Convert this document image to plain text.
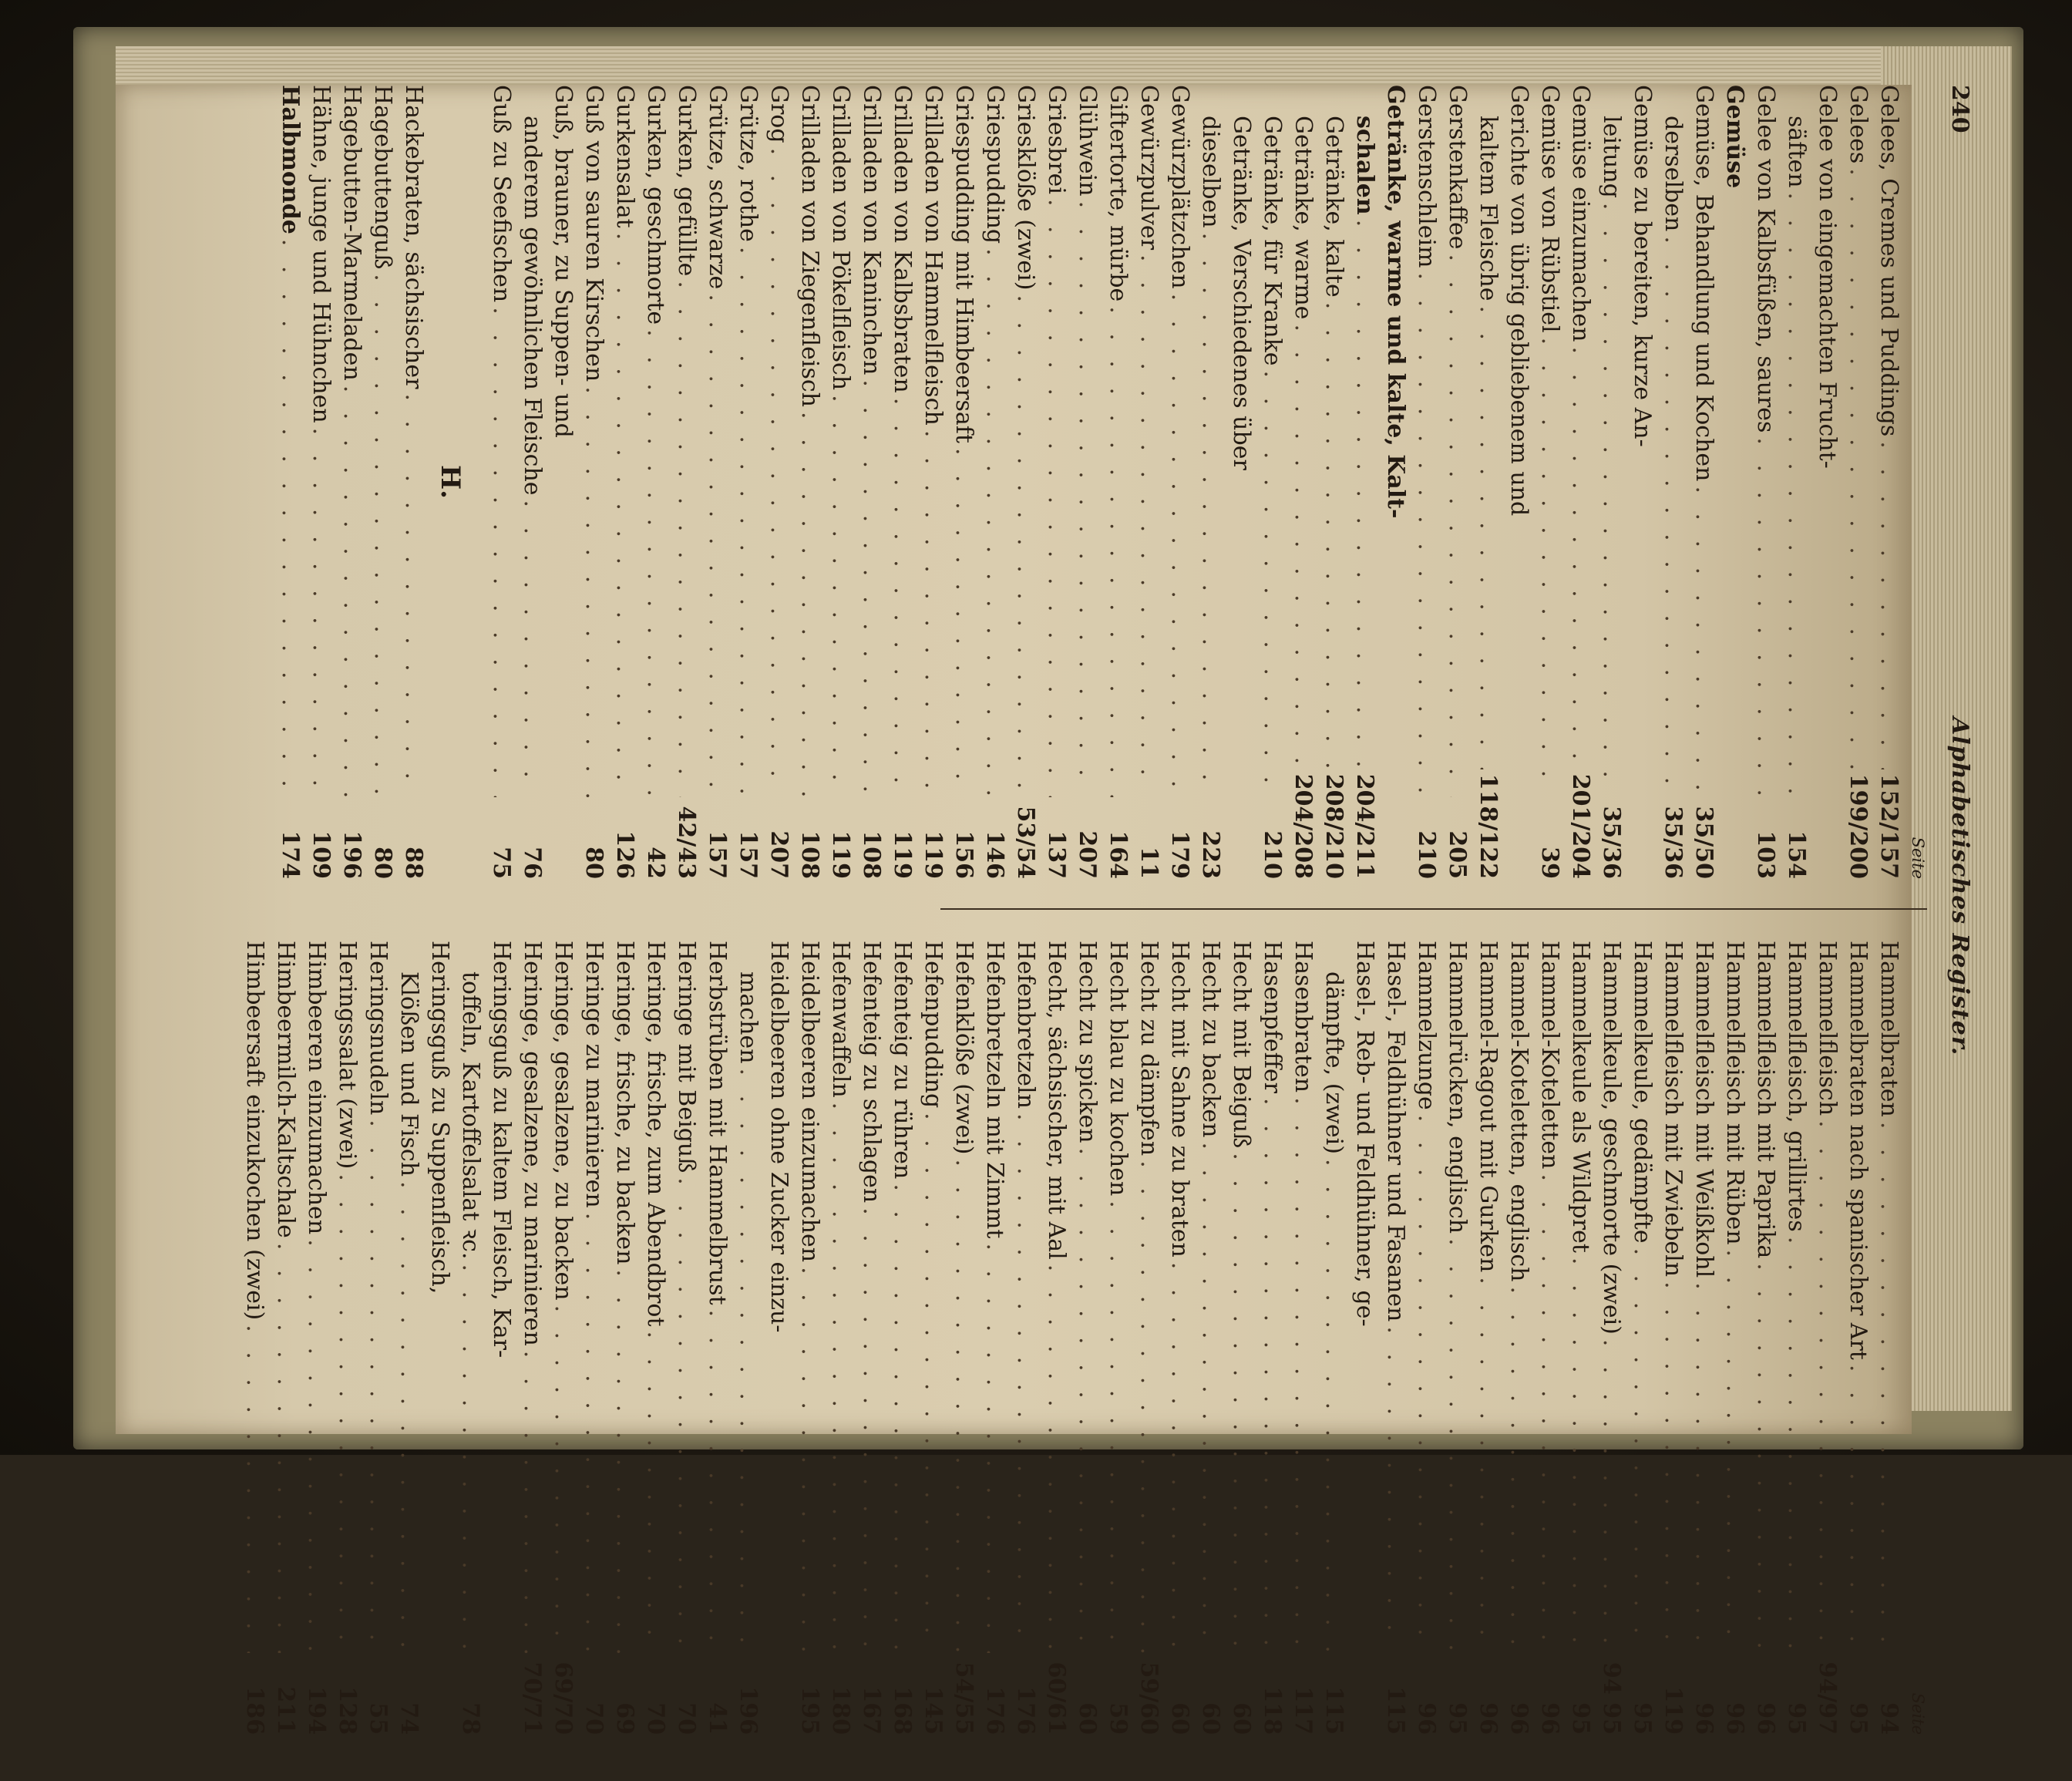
240
Alphabetisches Register.
Seite
Gelees, Cremes und Puddings
. . .
152/157
Gelees
. . .
199/200
Gelee von eingemachten Frucht-
säften
. . .
154
Gelee von Kalbsfüßen, saures
. . .
103
Gemüse
Gemüse, Behandlung und Kochen
. . .
35/50
derselben
. . .
35/36
Gemüse zu bereiten, kurze An-
leitung
. . .
35/36
Gemüse einzumachen
. . .
201/204
Gemüse von Rübstiel
. . .
39
Gerichte von übrig gebliebenem und
kaltem Fleische
. . .
118/122
Gerstenkaffee
. . .
205
Gerstenschleim
. . .
210
Getränke, warme und kalte, Kalt-
schalen
. . .
204/211
Getränke, kalte
. . .
208/210
Getränke, warme
. . .
204/208
Getränke, für Kranke
. . .
210
Getränke, Verschiedenes über
dieselben
. . .
223
Gewürzplätzchen
. . .
179
Gewürzpulver
. . .
11
Giftertorte, mürbe
. . .
164
Glühwein
. . .
207
Griesbrei
. . .
137
Griesklöße (zwei)
. . .
53/54
Griespudding
. . .
146
Griespudding mit Himbeersaft
. . .
156
Grilladen von Hammelfleisch
. . .
119
Grilladen von Kalbsbraten
. . .
119
Grilladen von Kaninchen
. . .
108
Grilladen von Pökelfleisch
. . .
119
Grilladen von Ziegenfleisch
. . .
108
Grog
. . .
207
Grütze, rothe
. . .
157
Grütze, schwarze
. . .
157
Gurken, gefüllte
. . .
42/43
Gurken, geschmorte
. . .
42
Gurkensalat
. . .
126
Guß von sauren Kirschen
. . .
80
Guß, brauner, zu Suppen- und
anderem gewöhnlichen Fleische
. . .
76
Guß zu Seefischen
. . .
75
H.
Hackebraten, sächsischer
. . .
88
Hagebuttenguß
. . .
80
Hagebutten-Marmeladen
. . .
196
Hähne, junge und Hühnchen
. . .
109
Halbmonde
. . .
174
Seite
Hammelbraten
. . .
94
Hammelbraten nach spanischer Art
. . .
95
Hammelfleisch
. . .
94/97
Hammelfleisch, grillirtes
. . .
95
Hammelfleisch mit Paprika
. . .
96
Hammelfleisch mit Rüben
. . .
96
Hammelfleisch mit Weißkohl
. . .
96
Hammelfleisch mit Zwiebeln
. . .
119
Hammelkeule, gedämpfte
. . .
95
Hammelkeule, geschmorte (zwei)
. . .
94 95
Hammelkeule als Wildpret
. . .
95
Hammel-Koteletten
. . .
96
Hammel-Koteletten, englisch
. . .
96
Hammel-Ragout mit Gurken
. . .
96
Hammelrücken, englisch
. . .
95
Hammelzunge
. . .
96
Hasel-, Feldhühner und Fasanen
. . .
115
Hasel-, Reb- und Feldhühner, ge-
dämpfte, (zwei)
. . .
115
Hasenbraten
. . .
117
Hasenpfeffer
. . .
118
Hecht mit Beiguß
. . .
60
Hecht zu backen
. . .
60
Hecht mit Sahne zu braten
. . .
60
Hecht zu dämpfen
. . .
59/60
Hecht blau zu kochen
. . .
59
Hecht zu spicken
. . .
60
Hecht, sächsischer, mit Aal
. . .
60/61
Hefenbretzeln
. . .
176
Hefenbretzeln mit Zimmt
. . .
176
Hefenklöße (zwei)
. . .
54/55
Hefenpudding
. . .
145
Hefenteig zu rühren
. . .
168
Hefenteig zu schlagen
. . .
167
Hefenwaffeln
. . .
180
Heidelbeeren einzumachen
. . .
195
Heidelbeeren ohne Zucker einzu-
machen
. . .
196
Herbstrüben mit Hammelbrust
. . .
41
Heringe mit Beiguß
. . .
70
Heringe, frische, zum Abendbrot
. . .
70
Heringe, frische, zu backen
. . .
69
Heringe zu marinieren
. . .
70
Heringe, gesalzene, zu backen
. . .
69/70
Heringe, gesalzene, zu marinieren
. . .
70/71
Heringsguß zu kaltem Fleisch, Kar-
toffeln, Kartoffelsalat ꝛc.
. . .
78
Heringsguß zu Suppenfleisch,
Klößen und Fisch
. . .
74
Heringsnudeln
. . .
55
Heringssalat (zwei)
. . .
128
Himbeeren einzumachen
. . .
194
Himbeermilch-Kaltschale
. . .
211
Himbeersaft einzukochen (zwei)
. . .
186
